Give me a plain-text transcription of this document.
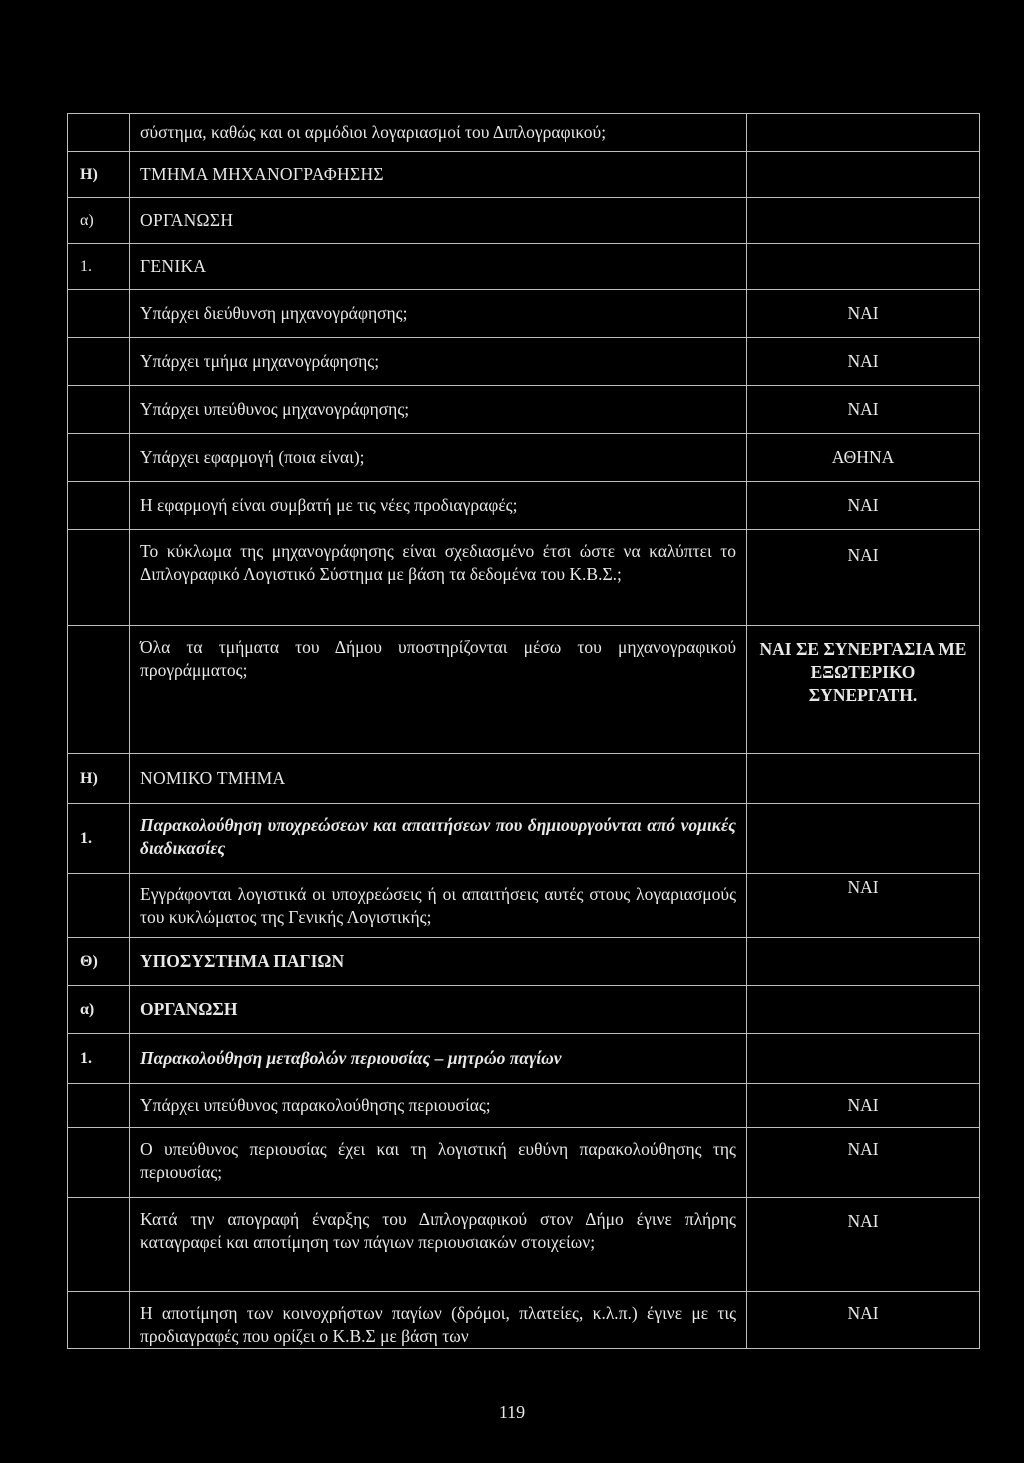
	σύστημα, καθώς και οι αρμόδιοι λογαριασμοί του Διπλογραφικού;	
Η)	ΤΜΗΜΑ ΜΗΧΑΝΟΓΡΑΦΗΣΗΣ	
α)	ΟΡΓΑΝΩΣΗ	
1.	ΓΕΝΙΚΑ	
	Υπάρχει διεύθυνση μηχανογράφησης;	ΝΑΙ
	Υπάρχει τμήμα μηχανογράφησης;	ΝΑΙ
	Υπάρχει υπεύθυνος μηχανογράφησης;	ΝΑΙ
	Υπάρχει εφαρμογή (ποια είναι);	ΑΘΗΝΑ
	Η εφαρμογή είναι συμβατή με τις νέες προδιαγραφές;	ΝΑΙ
	Το κύκλωμα της μηχανογράφησης είναι σχεδιασμένο έτσι ώστε να καλύπτει το Διπλογραφικό Λογιστικό Σύστημα με βάση τα δεδομένα του Κ.Β.Σ.;	ΝΑΙ
	Όλα τα τμήματα του Δήμου υποστηρίζονται μέσω του μηχανογραφικού προγράμματος;	ΝΑΙ ΣΕ ΣΥΝΕΡΓΑΣΙΑ ΜΕ ΕΞΩΤΕΡΙΚΟ ΣΥΝΕΡΓΑΤΗ.
Η)	ΝΟΜΙΚΟ ΤΜΗΜΑ	
1.	Παρακολούθηση υποχρεώσεων και απαιτήσεων που δημιουργούνται από νομικές διαδικασίες	
	Εγγράφονται λογιστικά οι υποχρεώσεις ή οι απαιτήσεις αυτές στους λογαριασμούς του κυκλώματος της Γενικής Λογιστικής;	ΝΑΙ
Θ)	ΥΠΟΣΥΣΤΗΜΑ ΠΑΓΙΩΝ	
α)	ΟΡΓΑΝΩΣΗ	
1.	Παρακολούθηση μεταβολών περιουσίας – μητρώο παγίων	
	Υπάρχει υπεύθυνος παρακολούθησης περιουσίας;	ΝΑΙ
	Ο υπεύθυνος περιουσίας έχει και τη λογιστική ευθύνη παρακολούθησης της περιουσίας;	ΝΑΙ
	Κατά την απογραφή έναρξης του Διπλογραφικού στον Δήμο έγινε πλήρης καταγραφεί και αποτίμηση των πάγιων περιουσιακών στοιχείων;	ΝΑΙ
	Η αποτίμηση των κοινοχρήστων παγίων (δρόμοι, πλατείες, κ.λ.π.) έγινε με τις προδιαγραφές που ορίζει ο Κ.Β.Σ με βάση των	ΝΑΙ
119
